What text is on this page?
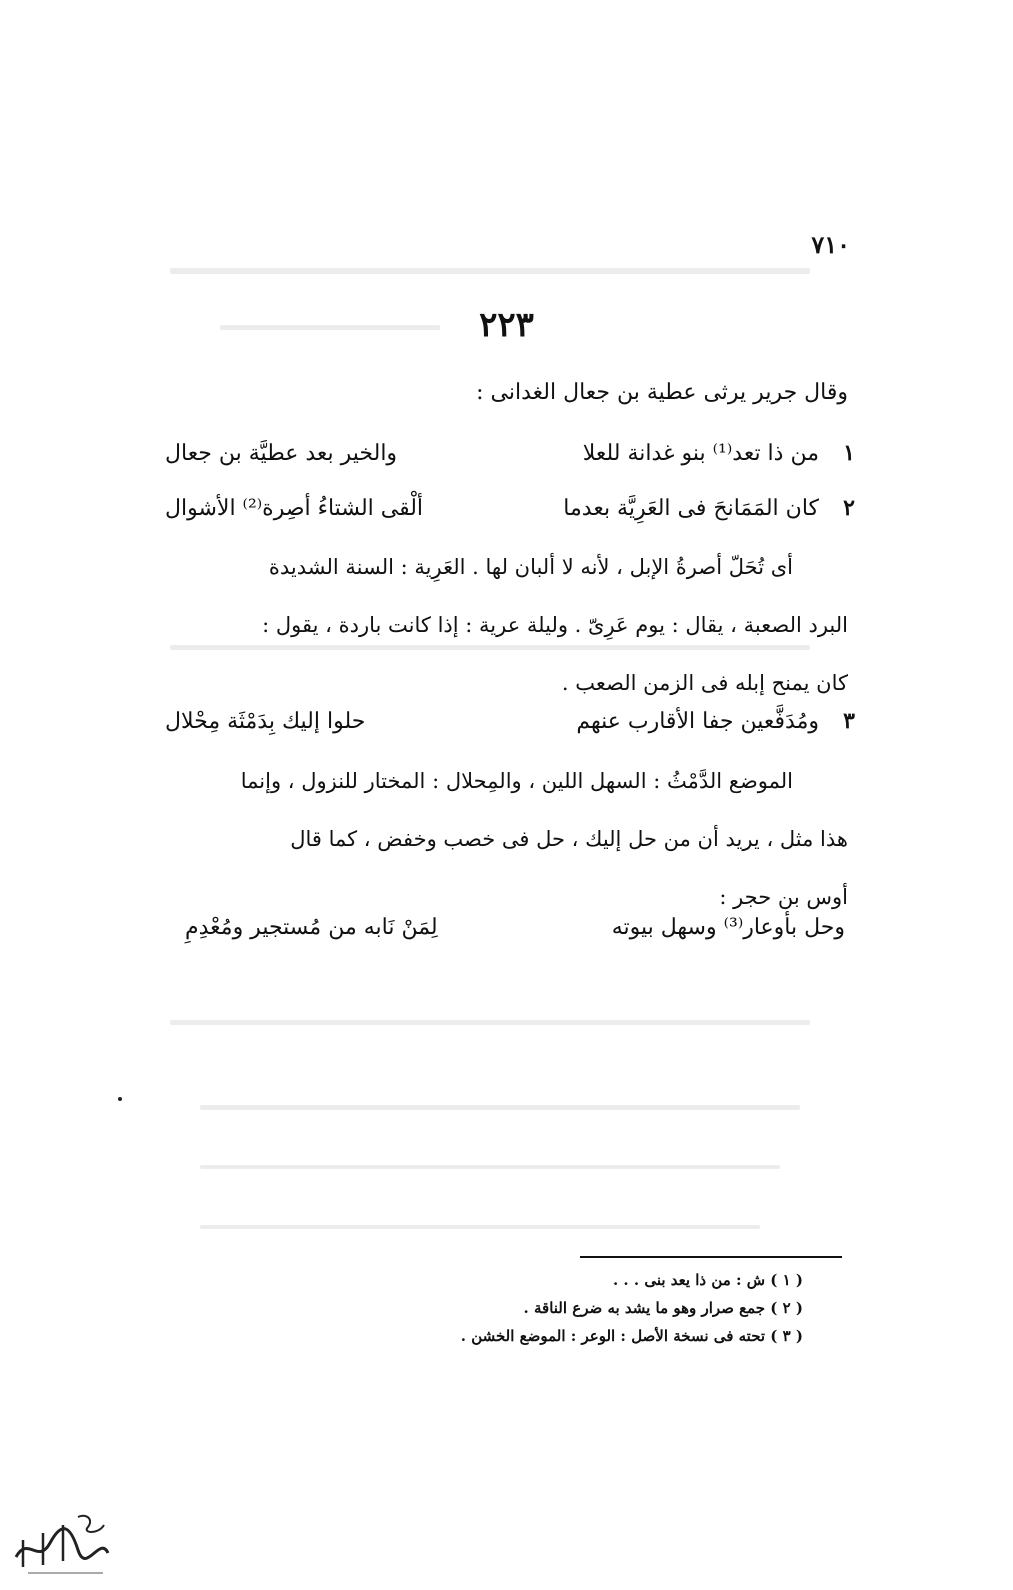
٧١٠
٢٢٣
وقال جرير يرثى عطية بن جعال الغدانى :
١
من ذا تعد⁽¹⁾ بنو غدانة للعلا
والخير بعد عطيَّة بن جعال
٢
كان المَمَانحَ فى العَرِيَّة بعدما
ألْقى الشتاءُ أصِرة⁽²⁾ الأشوال
أى تُحَلّ أصرةُ الإبل ، لأنه لا ألبان لها . العَرِية : السنة الشديدة
البرد الصعبة ، يقال : يوم عَرِىّ . وليلة عرية : إذا كانت باردة ، يقول :
كان يمنح إبله فى الزمن الصعب .
٣
ومُدَفَّعين جفا الأقارب عنهم
حلوا إليك بِدَمْثَة مِحْلال
الموضع الدَّمْثُ : السهل اللين ، والمِحلال : المختار للنزول ، وإنما
هذا مثل ، يريد أن من حل إليك ، حل فى خصب وخفض ، كما قال
أوس بن حجر :
وحل بأوعار⁽³⁾ وسهل بيوته
لِمَنْ نَابه من مُستجير ومُعْدِمِ
( ١ ) ش : من ذا يعد بنى . . .
( ٢ ) جمع صرار وهو ما يشد به ضرع الناقة .
( ٣ ) تحته فى نسخة الأصل : الوعر : الموضع الخشن .
